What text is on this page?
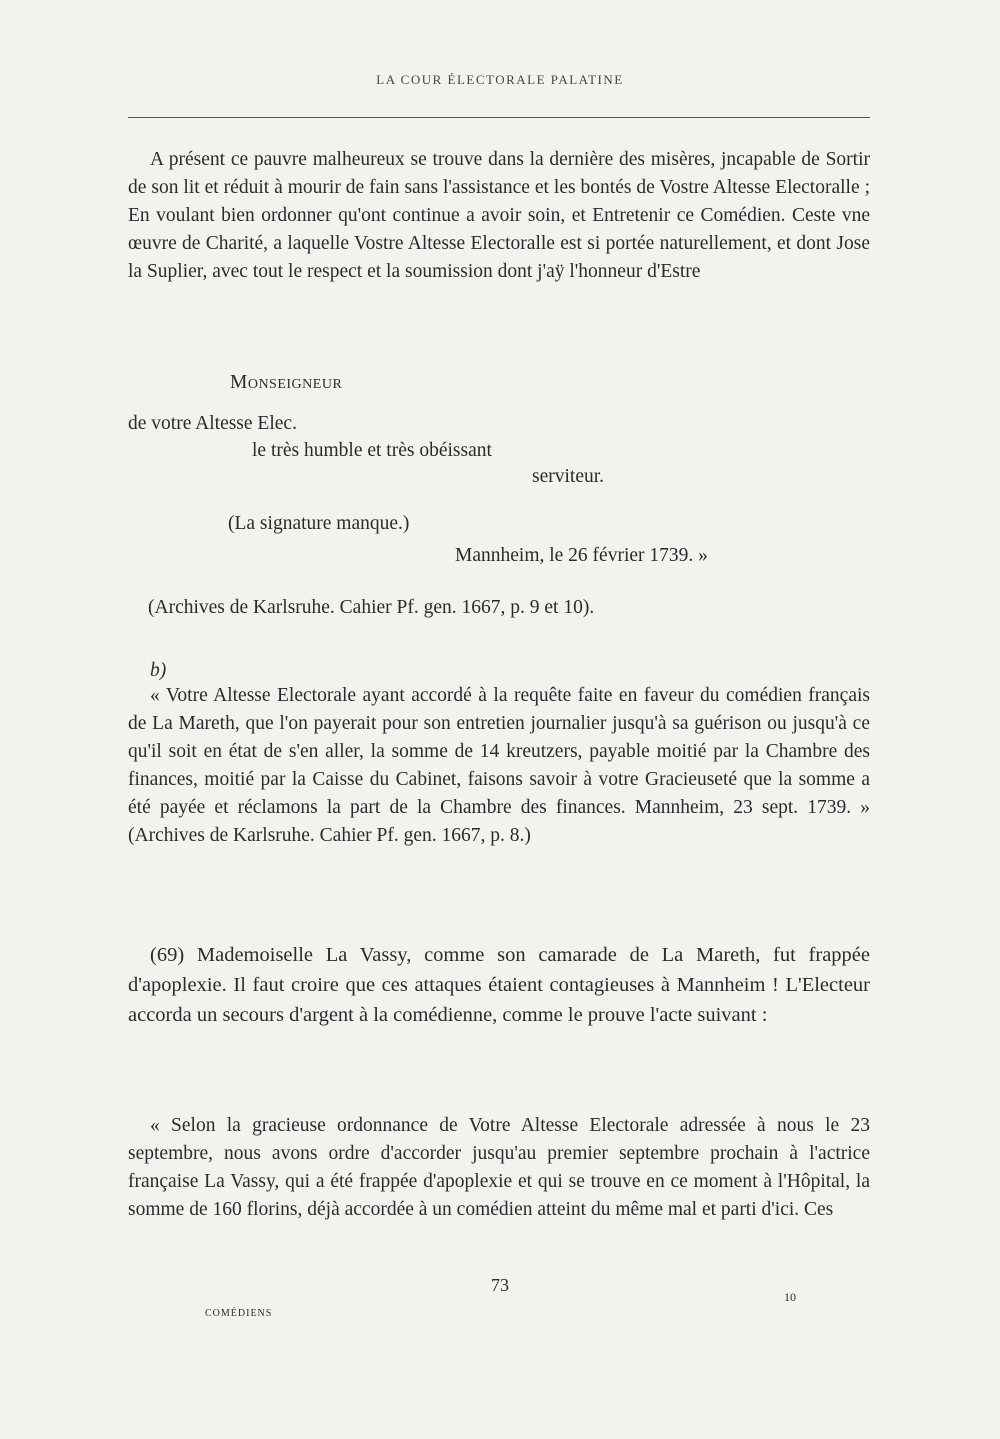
LA COUR ÉLECTORALE PALATINE

A présent ce pauvre malheureux se trouve dans la dernière des misères, jncapable de Sortir de son lit et réduit à mourir de fain sans l'assistance et les bontés de Vostre Altesse Electoralle ; En voulant bien ordonner qu'ont continue a avoir soin, et Entretenir ce Comédien. Ceste vne œuvre de Charité, a laquelle Vostre Altesse Electoralle est si portée naturellement, et dont Jose la Suplier, avec tout le respect et la soumission dont j'aÿ l'honneur d'Estre

Monseigneur
de votre Altesse Elec.
le très humble et très obéissant
serviteur.
(La signature manque.)
Mannheim, le 26 février 1739. »
(Archives de Karlsruhe. Cahier Pf. gen. 1667, p. 9 et 10).
b)

« Votre Altesse Electorale ayant accordé à la requête faite en faveur du comédien français de La Mareth, que l'on payerait pour son entretien journalier jusqu'à sa guérison ou jusqu'à ce qu'il soit en état de s'en aller, la somme de 14 kreutzers, payable moitié par la Chambre des finances, moitié par la Caisse du Cabinet, faisons savoir à votre Gracieuseté que la somme a été payée et réclamons la part de la Chambre des finances. Mannheim, 23 sept. 1739. » (Archives de Karlsruhe. Cahier Pf. gen. 1667, p. 8.)

(69) Mademoiselle La Vassy, comme son camarade de La Mareth, fut frappée d'apoplexie. Il faut croire que ces attaques étaient contagieuses à Mannheim ! L'Electeur accorda un secours d'argent à la comédienne, comme le prouve l'acte suivant :

« Selon la gracieuse ordonnance de Votre Altesse Electorale adressée à nous le 23 septembre, nous avons ordre d'accorder jusqu'au premier septembre prochain à l'actrice française La Vassy, qui a été frappée d'apoplexie et qui se trouve en ce moment à l'Hôpital, la somme de 160 florins, déjà accordée à un comédien atteint du même mal et parti d'ici. Ces

73
COMÉDIENS
10
